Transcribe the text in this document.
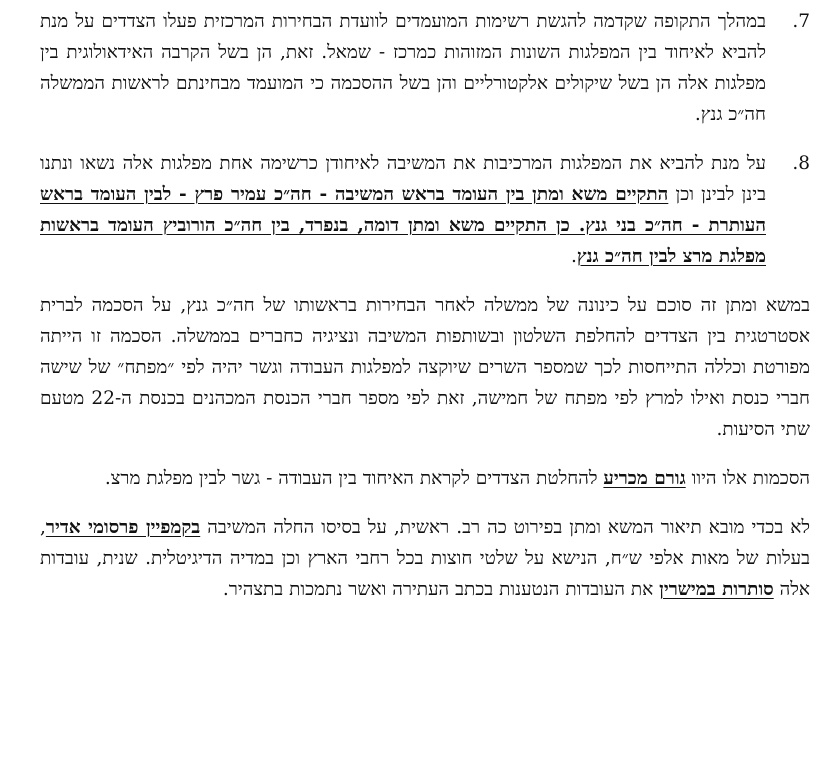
.7
במהלך התקופה שקדמה להגשת רשימות המועמדים לוועדת הבחירות המרכזית פעלו הצדדים על מנת להביא לאיחוד בין המפלגות השונות המזוהות כמרכז - שמאל. זאת, הן בשל הקרבה האידאולוגית בין מפלגות אלה הן בשל שיקולים אלקטורליים והן בשל ההסכמה כי המועמד מבחינתם לראשות הממשלה חה״כ גנץ.

.8
על מנת להביא את המפלגות המרכיבות את המשיבה לאיחודן כרשימה אחת מפלגות אלה נשאו ונתנו בינן לבינן וכן התקיים משא ומתן בין העומד בראש המשיבה - חה״כ עמיר פרץ - לבין העומד בראש העותרת - חה״כ בני גנץ. כן התקיים משא ומתן דומה, בנפרד, בין חה״כ הורוביץ העומד בראשות מפלגת מרצ לבין חה״כ גנץ.

במשא ומתן זה סוכם על כינונה של ממשלה לאחר הבחירות בראשותו של חה״כ גנץ, על הסכמה לברית אסטרטגית בין הצדדים להחלפת השלטון ובשותפות המשיבה ונציגיה כחברים בממשלה. הסכמה זו הייתה מפורטת וכללה התייחסות לכך שמספר השרים שיוקצה למפלגות העבודה וגשר יהיה לפי ״מפתח״ של שישה חברי כנסת ואילו למרץ לפי מפתח של חמישה, זאת לפי מספר חברי הכנסת המכהנים בכנסת ה-22 מטעם שתי הסיעות.

הסכמות אלו היוו גורם מכריע להחלטת הצדדים לקראת האיחוד בין העבודה - גשר לבין מפלגת מרצ.

לא בכדי מובא תיאור המשא ומתן בפירוט כה רב. ראשית, על בסיסו החלה המשיבה בקמפיין פרסומי אדיר, בעלות של מאות אלפי ש״ח, הנישא על שלטי חוצות בכל רחבי הארץ וכן במדיה הדיגיטלית. שנית, עובדות אלה סותרות במישרין את העובדות הנטענות בכתב העתירה ואשר נתמכות בתצהיר.
